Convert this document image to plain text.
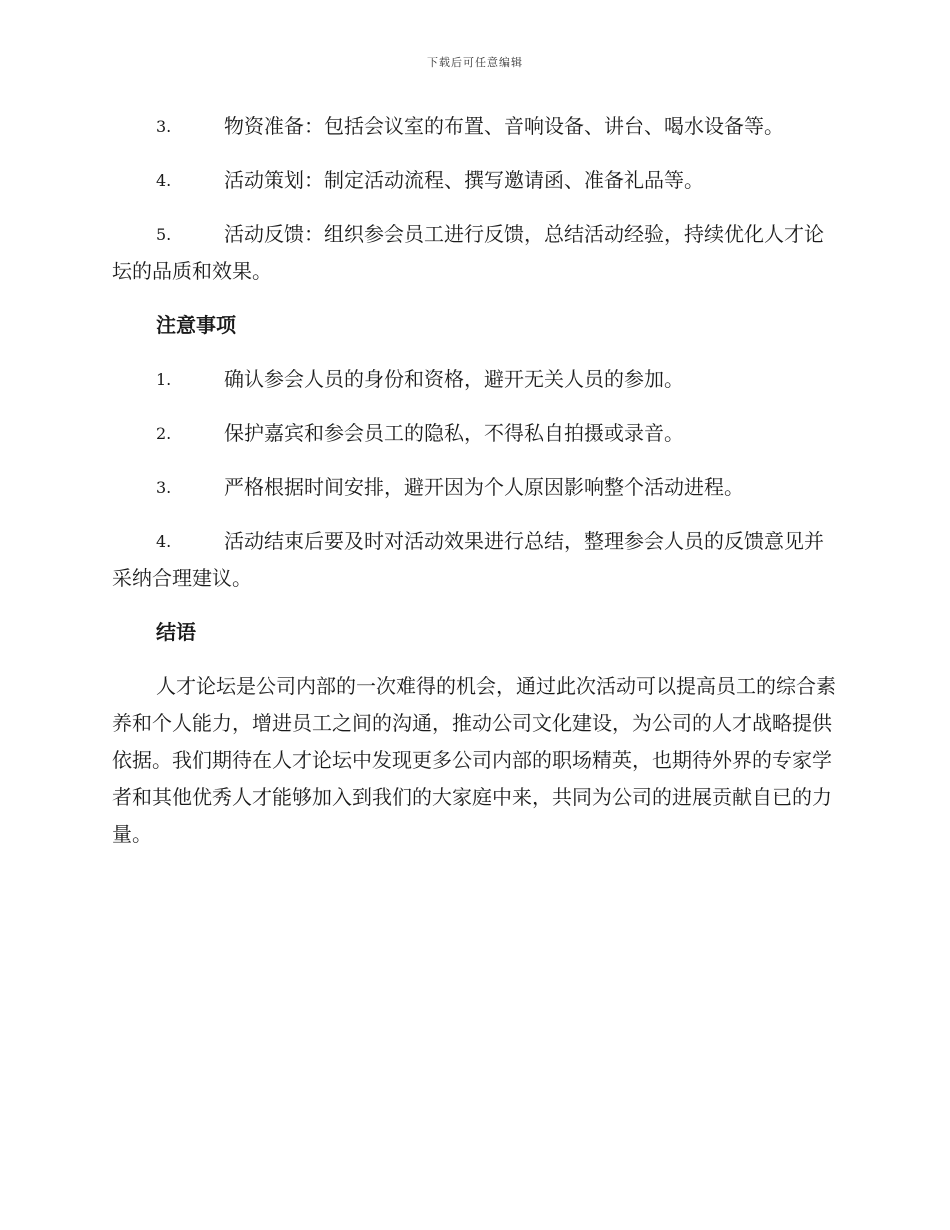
下载后可任意编辑
3.	物资准备：包括会议室的布置、音响设备、讲台、喝水设备等。
4.	活动策划：制定活动流程、撰写邀请函、准备礼品等。
5.	活动反馈：组织参会员工进行反馈，总结活动经验，持续优化人才论坛的品质和效果。
注意事项
1.	确认参会人员的身份和资格，避开无关人员的参加。
2.	保护嘉宾和参会员工的隐私，不得私自拍摄或录音。
3.	严格根据时间安排，避开因为个人原因影响整个活动进程。
4.	活动结束后要及时对活动效果进行总结，整理参会人员的反馈意见并采纳合理建议。
结语

人才论坛是公司内部的一次难得的机会，通过此次活动可以提高员工的综合素养和个人能力，增进员工之间的沟通，推动公司文化建设，为公司的人才战略提供依据。我们期待在人才论坛中发现更多公司内部的职场精英，也期待外界的专家学者和其他优秀人才能够加入到我们的大家庭中来，共同为公司的进展贡献自已的力量。
